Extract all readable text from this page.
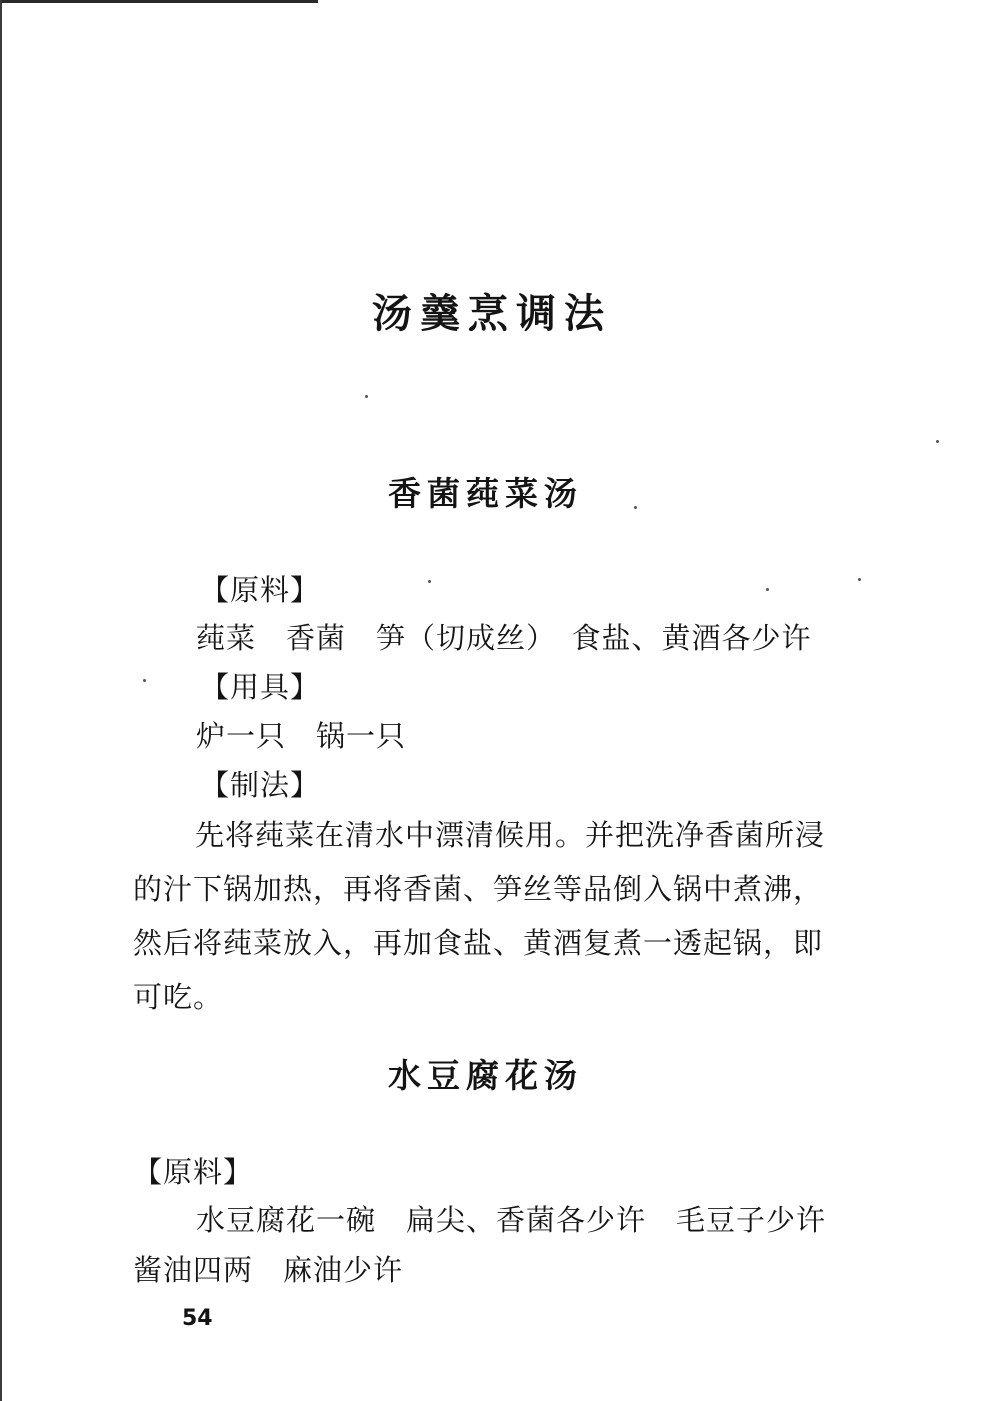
汤羹烹调法
香菌莼菜汤
【原料】
莼菜　香菌　笋（切成丝）　食盐、黄酒各少许
【用具】
炉一只　锅一只
【制法】

先将莼菜在清水中漂清候用。并把洗净香菌所浸

的汁下锅加热，再将香菌、笋丝等品倒入锅中煮沸，

然后将莼菜放入，再加食盐、黄酒复煮一透起锅，即

可吃。

水豆腐花汤
【原料】
水豆腐花一碗　扁尖、香菌各少许　毛豆子少许
酱油四两　麻油少许
54
